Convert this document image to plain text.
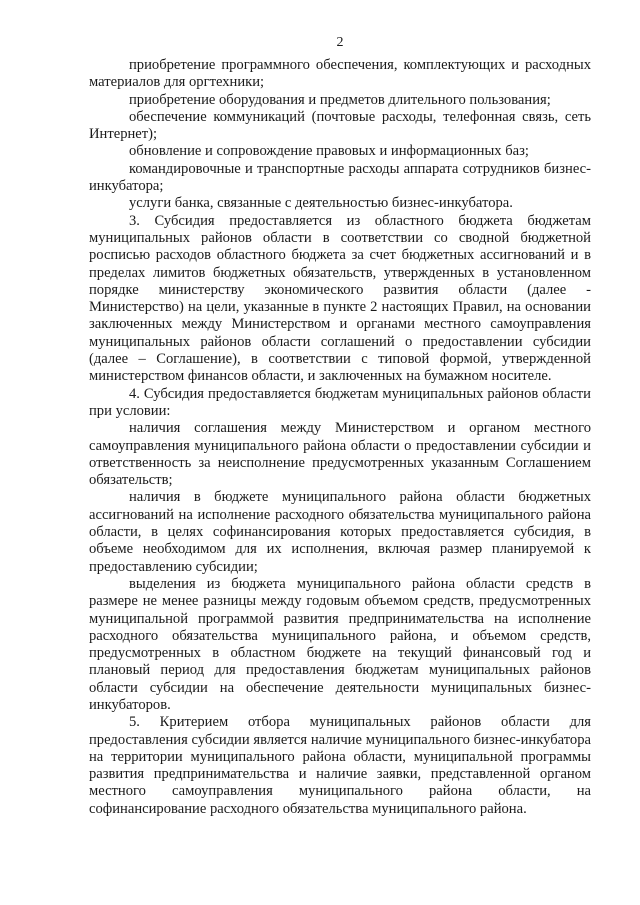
2

приобретение программного обеспечения, комплектующих и расходных материалов для оргтехники;

приобретение оборудования и предметов длительного пользования;

обеспечение коммуникаций (почтовые расходы, телефонная связь, сеть Интернет);

обновление и сопровождение правовых и информационных баз;

командировочные и транспортные расходы аппарата сотрудников бизнес-инкубатора;

услуги банка, связанные с деятельностью бизнес-инкубатора.

3. Субсидия предоставляется из областного бюджета бюджетам муниципальных районов области в соответствии со сводной бюджетной росписью расходов областного бюджета за счет бюджетных ассигнований и в пределах лимитов бюджетных обязательств, утвержденных в установленном порядке министерству экономического развития области (далее - Министерство) на цели, указанные в пункте 2 настоящих Правил, на основании заключенных между Министерством и органами местного самоуправления муниципальных районов области соглашений о предоставлении субсидии (далее – Соглашение), в соответствии с типовой формой, утвержденной министерством финансов области, и заключенных на бумажном носителе.

4. Субсидия предоставляется бюджетам муниципальных районов области при условии:

наличия соглашения между Министерством и органом местного самоуправления муниципального района области о предоставлении субсидии и ответственность за неисполнение предусмотренных указанным Соглашением обязательств;

наличия в бюджете муниципального района области бюджетных ассигнований на исполнение расходного обязательства муниципального района области, в целях софинансирования которых предоставляется субсидия, в объеме необходимом для их исполнения, включая размер планируемой к предоставлению субсидии;

выделения из бюджета муниципального района области средств в размере не менее разницы между годовым объемом средств, предусмотренных муниципальной программой развития предпринимательства на исполнение расходного обязательства муниципального района, и объемом средств, предусмотренных в областном бюджете на текущий финансовый год и плановый период для предоставления бюджетам муниципальных районов области субсидии на обеспечение деятельности муниципальных бизнес-инкубаторов.

5. Критерием отбора муниципальных районов области для предоставления субсидии является наличие муниципального бизнес-инкубатора на территории муниципального района области, муниципальной программы развития предпринимательства и наличие заявки, представленной органом местного самоуправления муниципального района области, на софинансирование расходного обязательства муниципального района.
